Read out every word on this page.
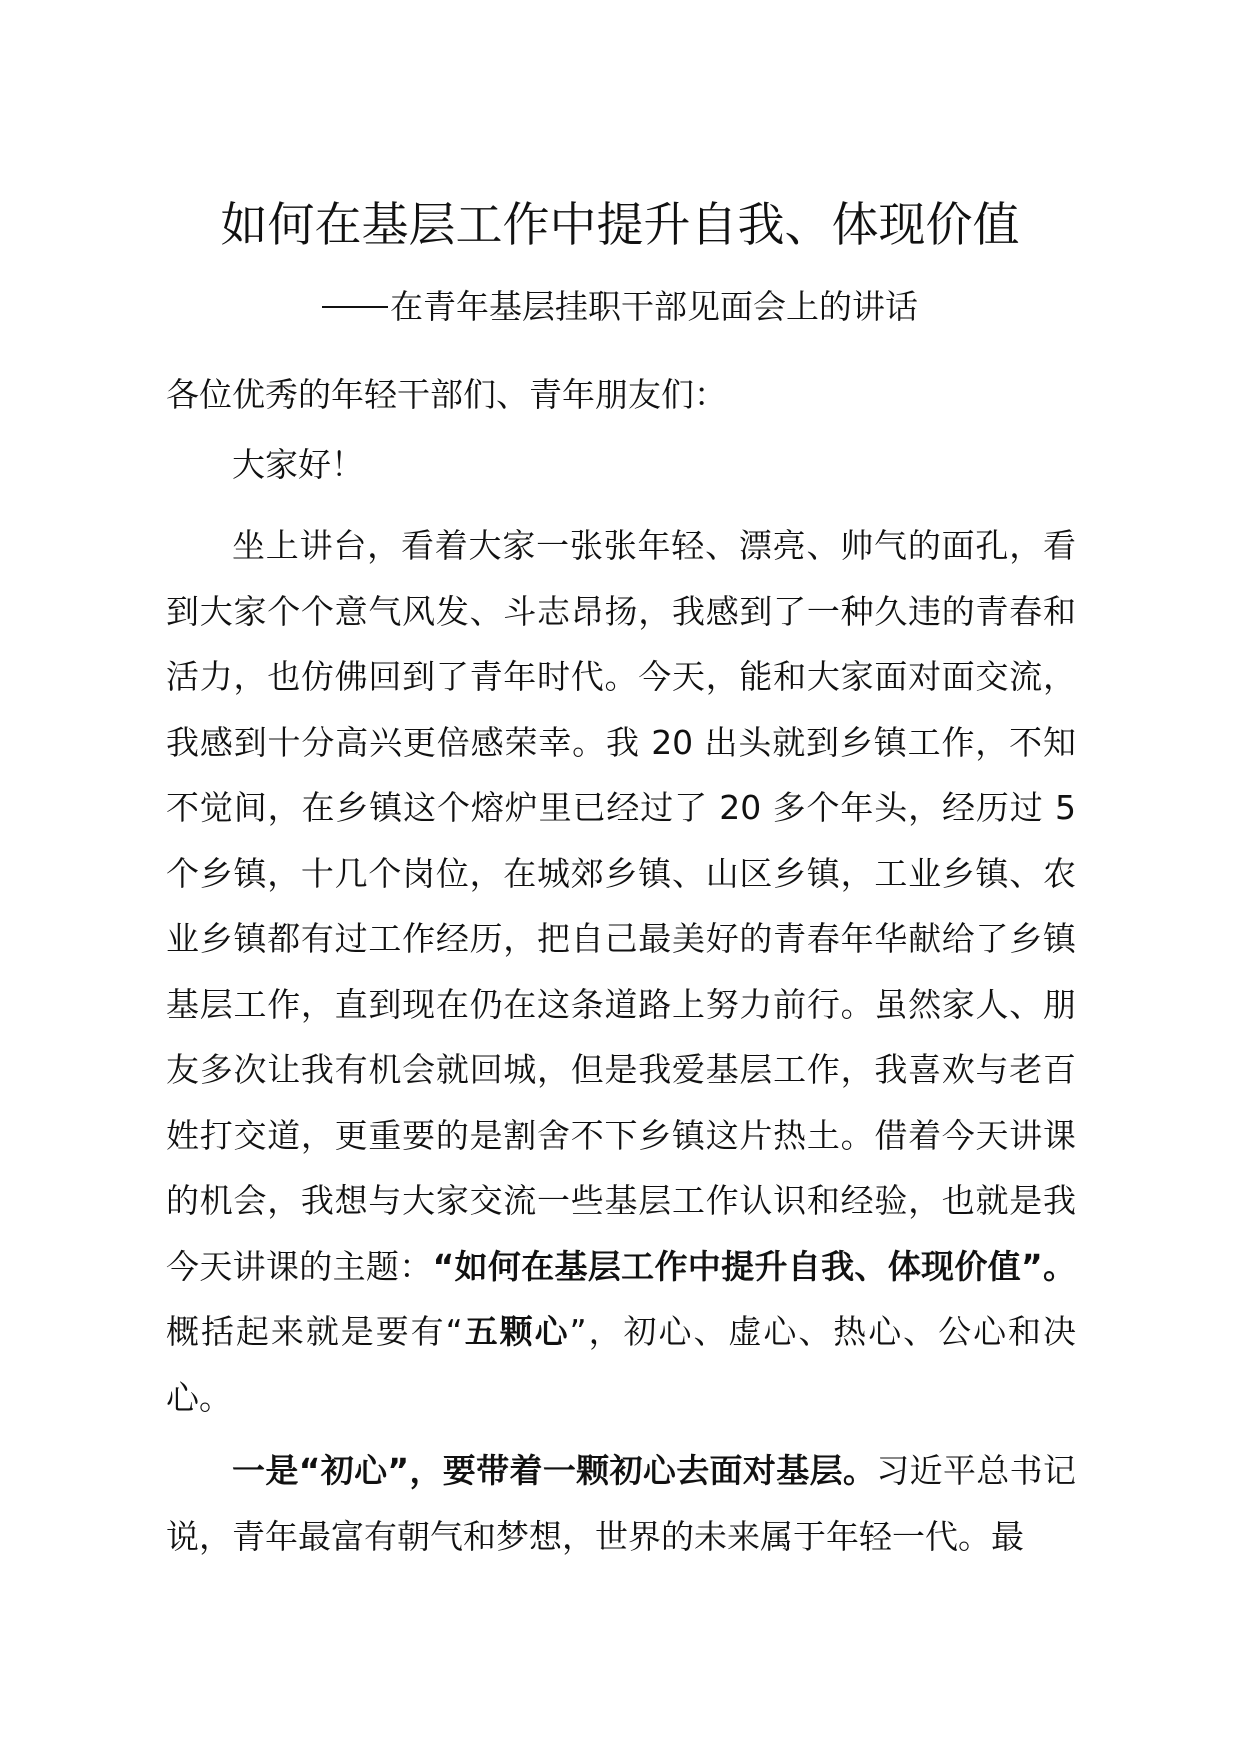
如何在基层工作中提升自我、体现价值

在青年基层挂职干部见面会上的讲话

各位优秀的年轻干部们、青年朋友们：

大家好！

坐上讲台，看着大家一张张年轻、漂亮、帅气的面孔，看到大家个个意气风发、斗志昂扬，我感到了一种久违的青春和活力，也仿佛回到了青年时代。今天，能和大家面对面交流，我感到十分高兴更倍感荣幸。我 20 出头就到乡镇工作，不知不觉间，在乡镇这个熔炉里已经过了 20 多个年头，经历过 5 个乡镇，十几个岗位，在城郊乡镇、山区乡镇，工业乡镇、农业乡镇都有过工作经历，把自己最美好的青春年华献给了乡镇基层工作，直到现在仍在这条道路上努力前行。虽然家人、朋友多次让我有机会就回城，但是我爱基层工作，我喜欢与老百姓打交道，更重要的是割舍不下乡镇这片热土。借着今天讲课的机会，我想与大家交流一些基层工作认识和经验，也就是我今天讲课的主题：“如何在基层工作中提升自我、体现价值”。概括起来就是要有“五颗心”，初心、虚心、热心、公心和决心。

一是“初心”，要带着一颗初心去面对基层。习近平总书记说，青年最富有朝气和梦想，世界的未来属于年轻一代。最
